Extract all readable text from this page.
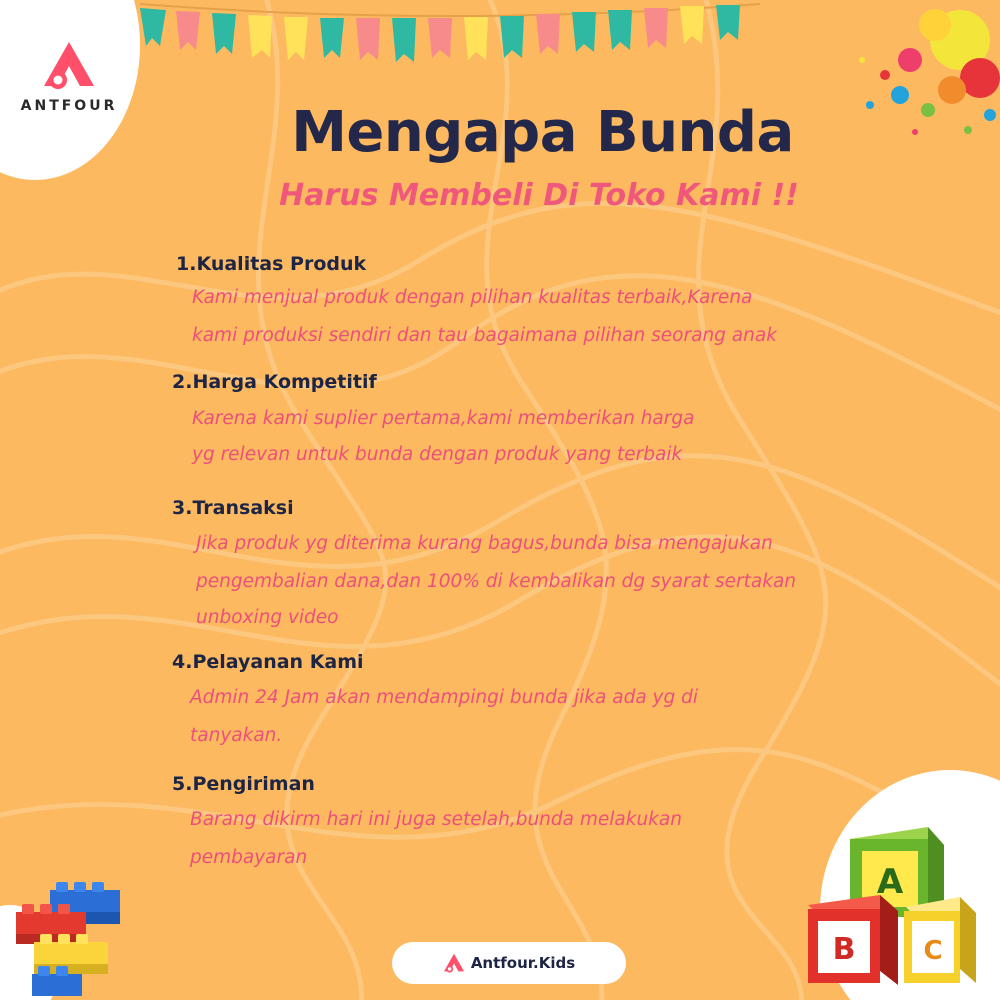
ANTFOUR	Mengapa Bunda
Harus Membeli Di Toko Kami !!

1.Kualitas Produk

Kami menjual produk dengan pilihan kualitas terbaik,Karena

kami produksi sendiri dan tau bagaimana pilihan seorang anak

2.Harga Kompetitif

Karena kami suplier pertama,kami memberikan harga

yg relevan untuk bunda dengan produk yang terbaik

3.Transaksi

Jika produk yg diterima kurang bagus,bunda bisa mengajukan

pengembalian dana,dan 100% di kembalikan dg syarat sertakan

unboxing video

4.Pelayanan Kami

Admin 24 Jam akan mendampingi bunda jika ada yg di

tanyakan.

5.Pengiriman

Barang dikirm hari ini juga setelah,bunda melakukan

pembayaran

A
B	C
Antfour.Kids
